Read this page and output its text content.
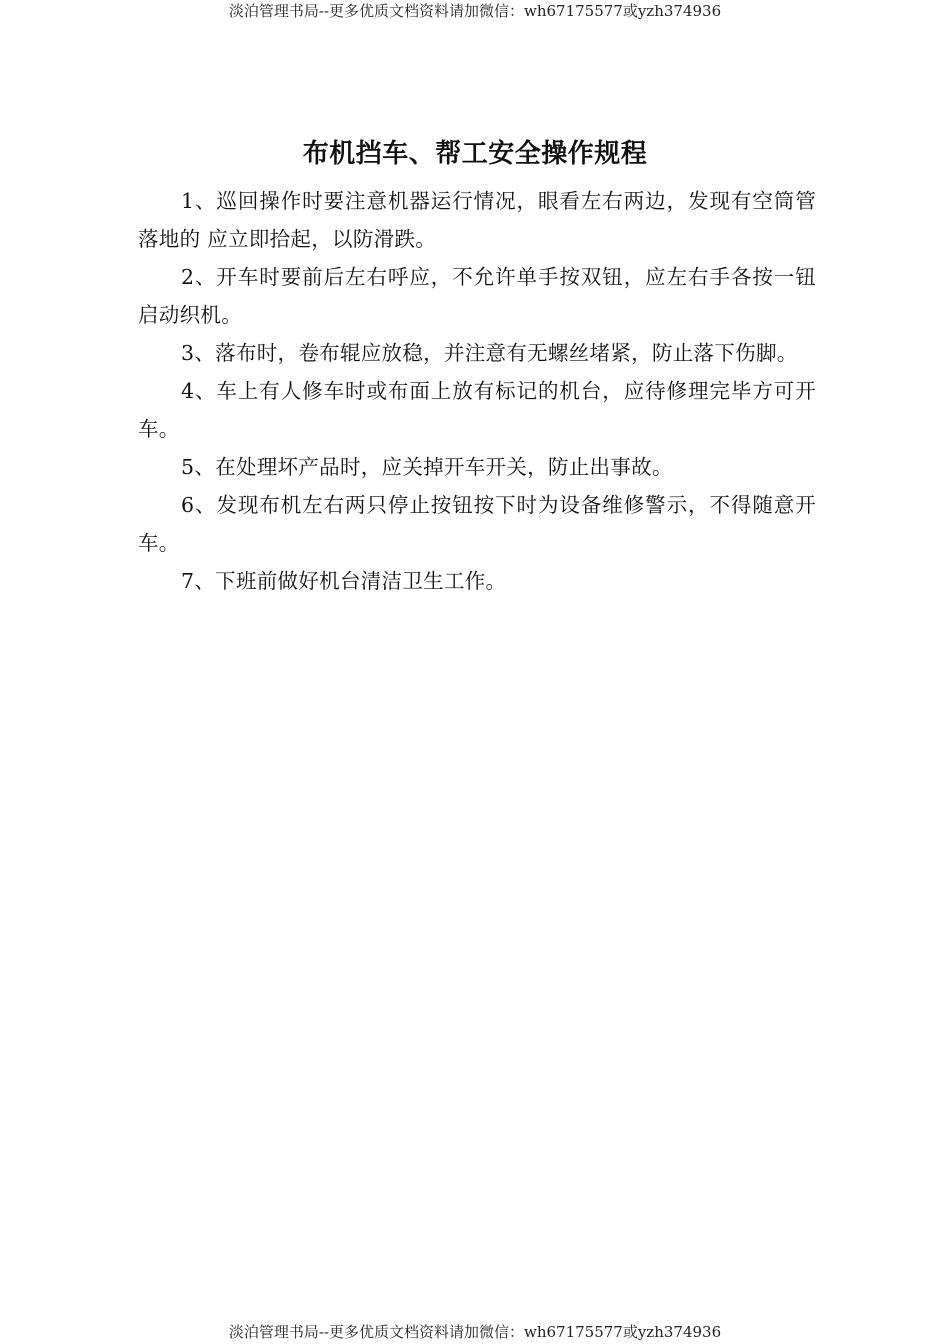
淡泊管理书局--更多优质文档资料请加微信：wh67175577或yzh374936
布机挡车、帮工安全操作规程

1、巡回操作时要注意机器运行情况，眼看左右两边，发现有空筒管落地的 应立即拾起，以防滑跌。

2、开车时要前后左右呼应，不允许单手按双钮，应左右手各按一钮启动织机。

3、落布时，卷布辊应放稳，并注意有无螺丝堵紧，防止落下伤脚。

4、车上有人修车时或布面上放有标记的机台，应待修理完毕方可开车。

5、在处理坏产品时，应关掉开车开关，防止出事故。

6、发现布机左右两只停止按钮按下时为设备维修警示，不得随意开车。

7、下班前做好机台清洁卫生工作。

淡泊管理书局--更多优质文档资料请加微信：wh67175577或yzh374936
